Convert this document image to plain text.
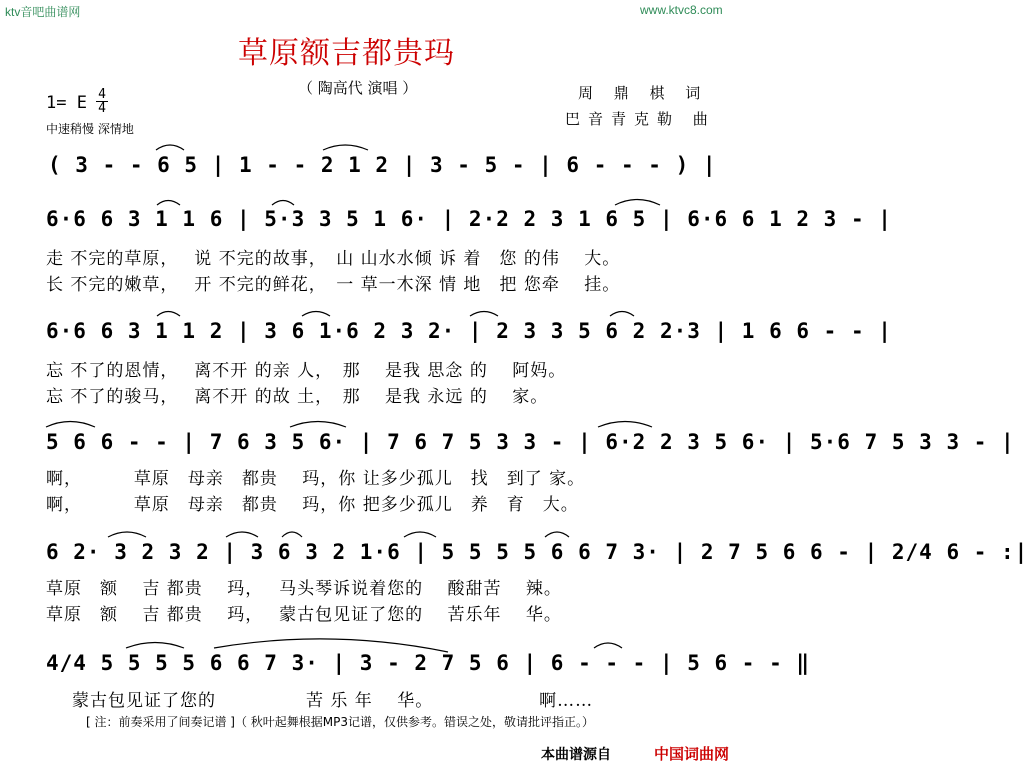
ktv音吧曲谱网	www.ktvc8.com
草原额吉都贵玛
（ 陶高代 演唱 ）	周 鼎 棋 词
巴音青克勒 曲
1= E 4
4
中速稍慢 深情地
( 3 - - 6 5 | 1 - - 2 1 2 | 3 - 5 - | 6 - - - ) |
6·6 6 3 1 1 6 | 5·3 3 5 1 6· | 2·2 2 3 1 6 5 | 6·6 6 1 2 3 - |
走 不完的草原，　 说 不完的故事，　山 山水水倾 诉 着　您 的伟　 大。
长 不完的嫩草，　 开 不完的鲜花，　一 草一木深 情 地　把 您牵　 挂。
6·6 6 3 1 1 2 | 3 6 1·6 2 3 2· | 2 3 3 5 6 2 2·3 | 1 6 6 - - |
忘 不了的恩情，　 离不开 的亲 人，　那　 是我 思念 的　 阿妈。
忘 不了的骏马，　 离不开 的故 土，　那　 是我 永远 的　 家。
5 6 6 - - | 7 6 3 5 6· | 7 6 7 5 3 3 - | 6·2 2 3 5 6· | 5·6 7 5 3 3 - |
啊，　　　 草原　母亲　都贵　 玛，你 让多少孤儿　找　到了 家。
啊，　　　 草原　母亲　都贵　 玛，你 把多少孤儿　养　育　大。
6 2· 3 2 3 2 | 3 6 3 2 1·6 | 5 5 5 5 6 6 7 3· | 2 7 5 6 6 - | 2/4 6 - :|
草原　额　 吉 都贵　 玛，　 马头琴诉说着您的　 酸甜苦　 辣。
草原　额　 吉 都贵　 玛，　 蒙古包见证了您的　 苦乐年　 华。
4/4 5 5 5 5 6 6 7 3· | 3 - 2 7 5 6 | 6 - - - | 5 6 - - ‖
蒙古包见证了您的　　　　　苦 乐 年　 华。　　　　　　 啊……
[ 注：前奏采用了间奏记谱 ]（ 秋叶起舞根据MP3记谱，仅供参考。错误之处，敬请批评指正。）
本曲谱源自	中国词曲网
